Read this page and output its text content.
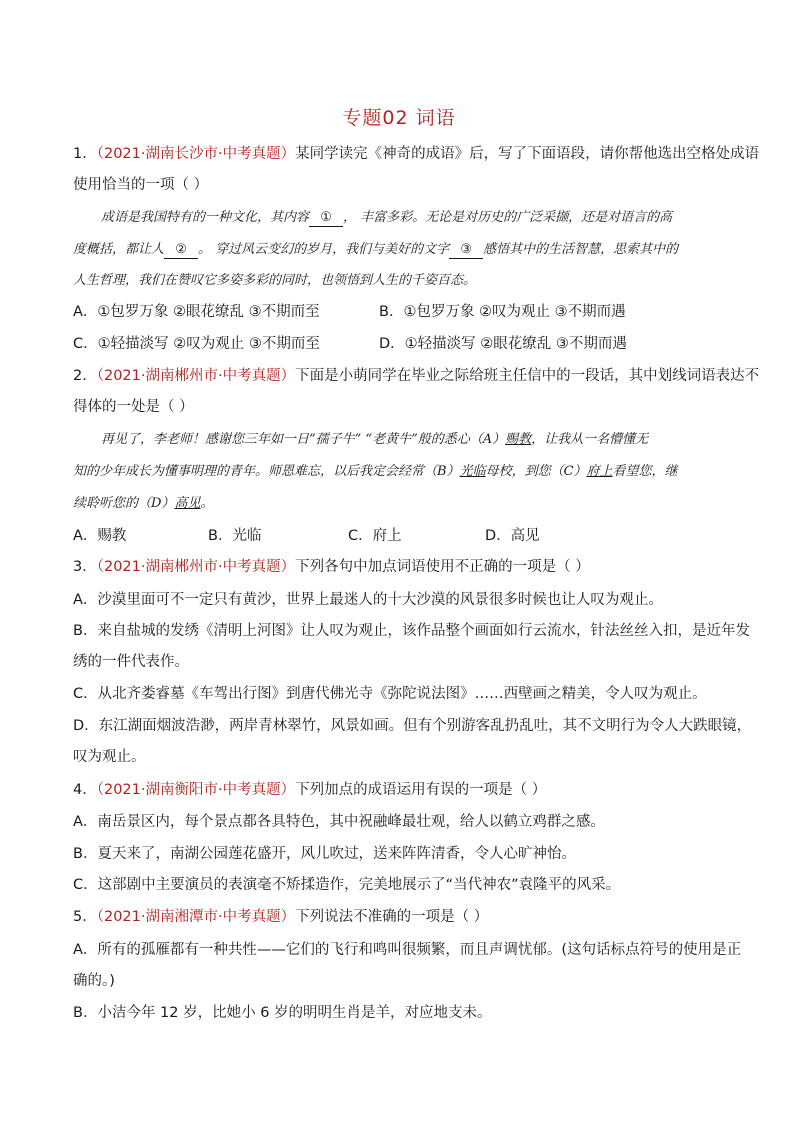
专题02 词语
1．（2021·湖南长沙市·中考真题）某同学读完《神奇的成语》后，写了下面语段，请你帮他选出空格处成语
使用恰当的一项（ ）
成语是我国特有的一种文化，其内容 ① ， 丰富多彩。无论是对历史的广泛采撷，还是对语言的高
度概括，都让人 ② 。 穿过风云变幻的岁月，我们与美好的文字 ③ 感悟其中的生活智慧，思索其中的
人生哲理，我们在赞叹它多姿多彩的同时，也领悟到人生的千姿百态。
A．①包罗万象 ②眼花缭乱 ③不期而至	B．①包罗万象 ②叹为观止 ③不期而遇
C．①轻描淡写 ②叹为观止 ③不期而至	D．①轻描淡写 ②眼花缭乱 ③不期而遇
2．（2021·湖南郴州市·中考真题）下面是小萌同学在毕业之际给班主任信中的一段话，其中划线词语表达不
得体的一处是（ ）
再见了，李老师！感谢您三年如一日“孺子牛” “老黄牛”般的悉心（A）赐教，让我从一名懵懂无
知的少年成长为懂事明理的青年。师恩难忘，以后我定会经常（B）光临母校，到您（C）府上看望您，继
续聆听您的（D）高见。
A．赐教	B．光临	C．府上	D．高见
3．（2021·湖南郴州市·中考真题）下列各句中加点词语使用不正确的一项是（ ）
A．沙漠里面可不一定只有黄沙，世界上最迷人的十大沙漠的风景很多时候也让人叹为观止。
B．来自盐城的发绣《清明上河图》让人叹为观止，该作品整个画面如行云流水，针法丝丝入扣，是近年发
绣的一件代表作。
C．从北齐娄睿墓《车驾出行图》到唐代佛光寺《弥陀说法图》……西壁画之精美，令人叹为观止。
D．东江湖面烟波浩渺，两岸青林翠竹，风景如画。但有个别游客乱扔乱吐，其不文明行为令人大跌眼镜，
叹为观止。
4．（2021·湖南衡阳市·中考真题）下列加点的成语运用有误的一项是（ ）
A．南岳景区内，每个景点都各具特色，其中祝融峰最壮观，给人以鹤立鸡群之感。
B．夏天来了，南湖公园莲花盛开，风儿吹过，送来阵阵清香，令人心旷神怡。
C．这部剧中主要演员的表演毫不矫揉造作，完美地展示了“当代神农”袁隆平的风采。
5．（2021·湖南湘潭市·中考真题）下列说法不准确的一项是（ ）
A．所有的孤雁都有一种共性——它们的飞行和鸣叫很频繁，而且声调忧郁。(这句话标点符号的使用是正
确的。)
B．小洁今年 12 岁，比她小 6 岁的明明生肖是羊，对应地支未。
